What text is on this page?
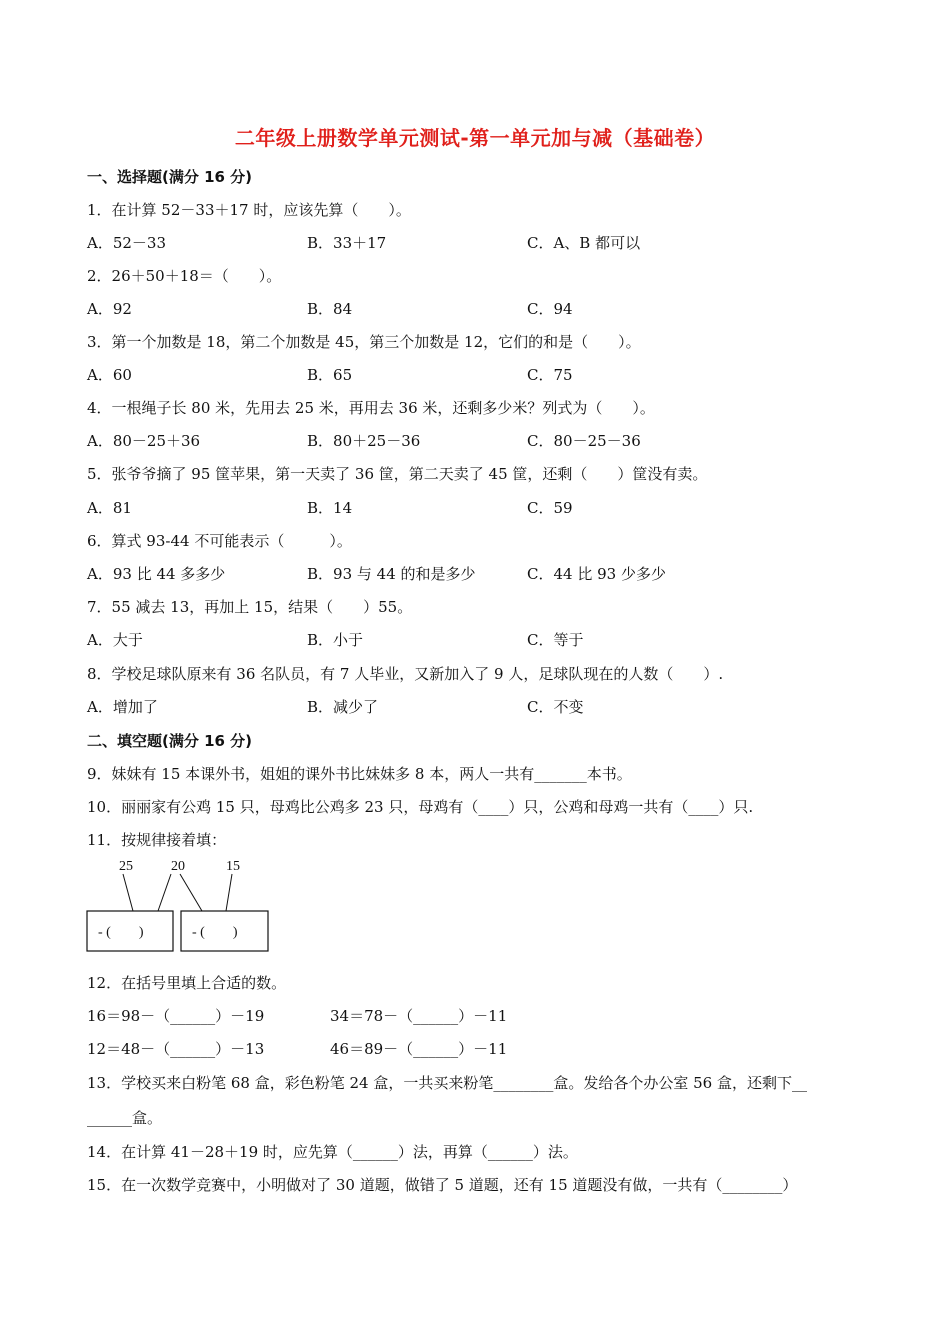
二年级上册数学单元测试-第一单元加与减（基础卷）
一、选择题(满分 16 分)
1．在计算 52－33＋17 时，应该先算（　　）。
A．52－33	B．33＋17	C．A、B 都可以
2．26＋50＋18＝（　　）。
A．92	B．84	C．94
3．第一个加数是 18，第二个加数是 45，第三个加数是 12，它们的和是（　　）。
A．60	B．65	C．75
4．一根绳子长 80 米，先用去 25 米，再用去 36 米，还剩多少米？列式为（　　）。
A．80－25＋36	B．80＋25－36	C．80－25－36
5．张爷爷摘了 95 筐苹果，第一天卖了 36 筐，第二天卖了 45 筐，还剩（　　）筐没有卖。
A．81	B．14	C．59
6．算式 93-44 不可能表示（　　　）。
A．93 比 44 多多少	B．93 与 44 的和是多少	C．44 比 93 少多少
7．55 减去 13，再加上 15，结果（　　）55。
A．大于	B．小于	C．等于
8．学校足球队原来有 36 名队员，有 7 人毕业，又新加入了 9 人，足球队现在的人数（　　）.
A．增加了	B．减少了	C．不变
二、填空题(满分 16 分)
9．妹妹有 15 本课外书，姐姐的课外书比妹妹多 8 本，两人一共有_______本书。
10．丽丽家有公鸡 15 只，母鸡比公鸡多 23 只，母鸡有（____）只，公鸡和母鸡一共有（____）只.
11．按规律接着填：
25	20	15
- (　　)	- (　　)
12．在括号里填上合适的数。
16＝98－（______）－19	34＝78－（______）－11
12＝48－（______）－13	46＝89－（______）－11
13．学校买来白粉笔 68 盒，彩色粉笔 24 盒，一共买来粉笔________盒。发给各个办公室 56 盒，还剩下__
______盒。
14．在计算 41－28＋19 时，应先算（______）法，再算（______）法。
15．在一次数学竞赛中，小明做对了 30 道题，做错了 5 道题，还有 15 道题没有做，一共有（________）
